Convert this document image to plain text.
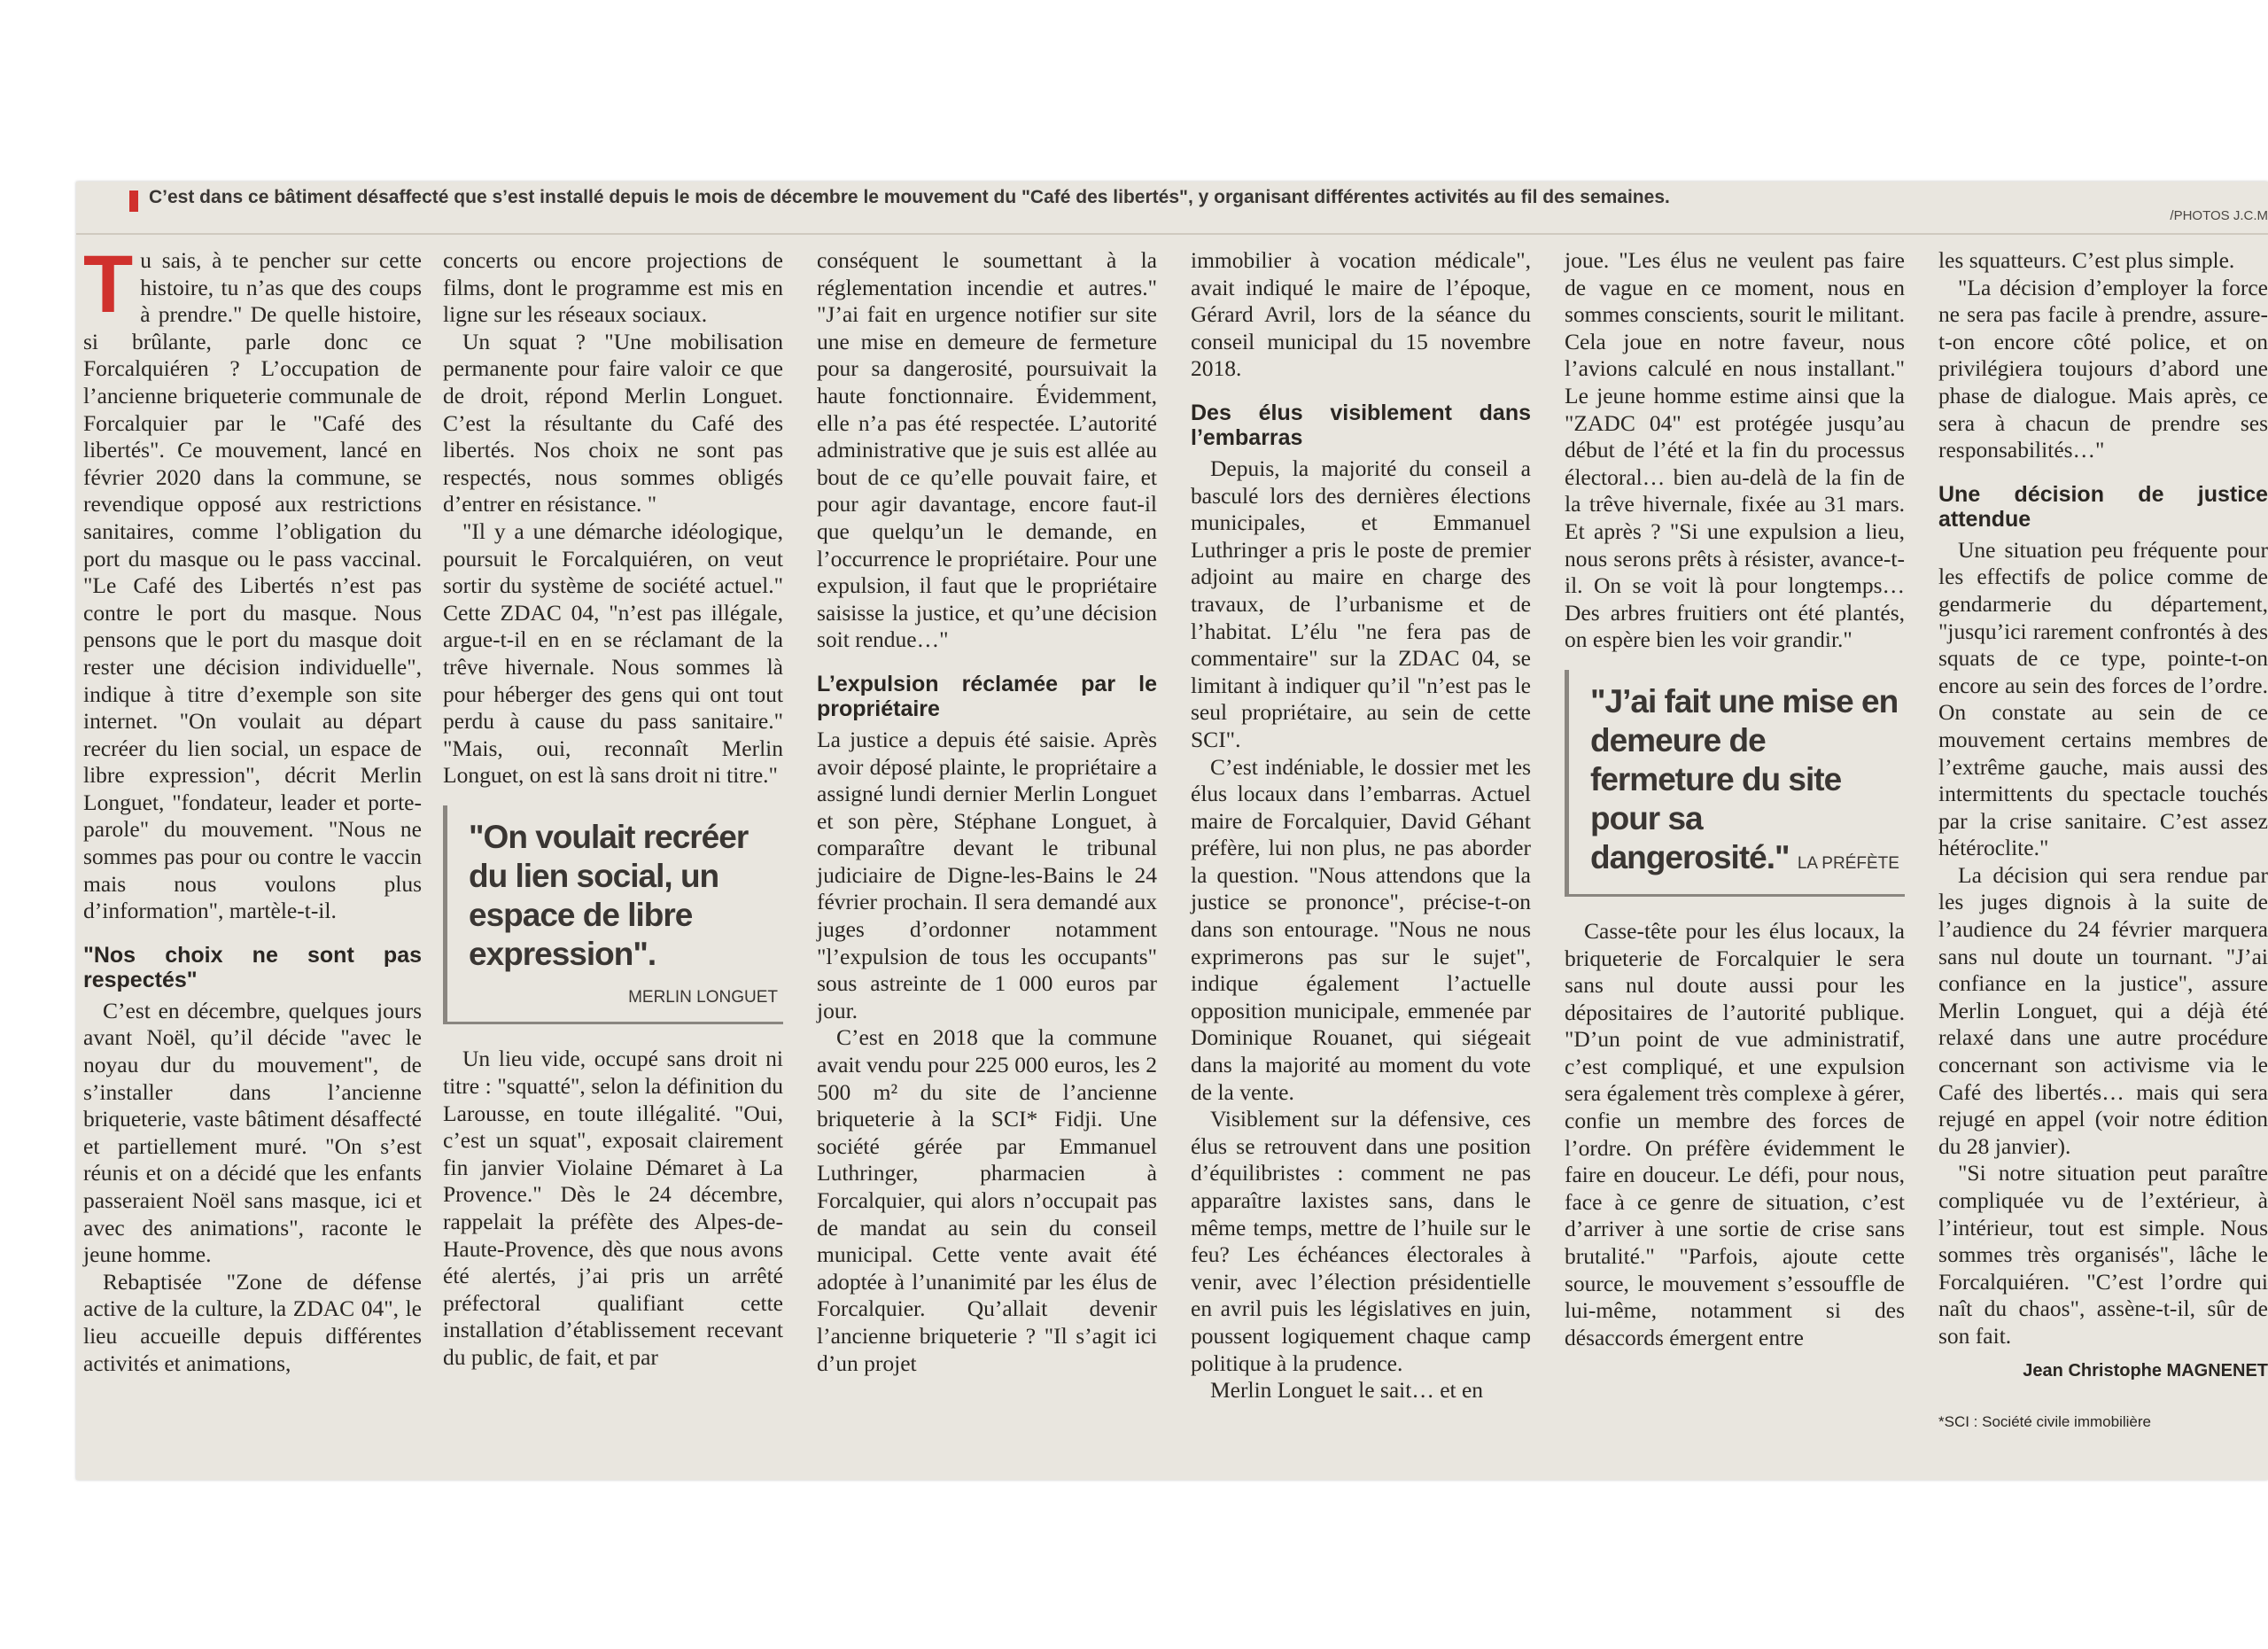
C’est dans ce bâtiment désaffecté que s’est installé depuis le mois de décembre le mouvement du "Café des libertés", y organisant différentes activités au fil des semaines.
/PHOTOS J.C.M

Tu sais, à te pencher sur cette histoire, tu n’as que des coups à prendre." De quelle histoire, si brûlante, parle donc ce Forcalquiéren ? L’occupation de l’ancienne briqueterie communale de Forcalquier par le "Café des libertés". Ce mouvement, lancé en février 2020 dans la commune, se revendique opposé aux restrictions sanitaires, comme l’obligation du port du masque ou le pass vaccinal. "Le Café des Libertés n’est pas contre le port du masque. Nous pensons que le port du masque doit rester une décision individuelle", indique à titre d’exemple son site internet. "On voulait au départ recréer du lien social, un espace de libre expression", décrit Merlin Longuet, "fondateur, leader et porte-parole" du mouvement. "Nous ne sommes pas pour ou contre le vaccin mais nous voulons plus d’information", martèle-t-il.

"Nos choix ne sont pas respectés"

C’est en décembre, quelques jours avant Noël, qu’il décide "avec le noyau dur du mouvement", de s’installer dans l’ancienne briqueterie, vaste bâtiment désaffecté et partiellement muré. "On s’est réunis et on a décidé que les enfants passeraient Noël sans masque, ici et avec des animations", raconte le jeune homme.

Rebaptisée "Zone de défense active de la culture, la ZDAC 04", le lieu accueille depuis différentes activités et animations,

concerts ou encore projections de films, dont le programme est mis en ligne sur les réseaux sociaux.

Un squat ? "Une mobilisation permanente pour faire valoir ce que de droit, répond Merlin Longuet. C’est la résultante du Café des libertés. Nos choix ne sont pas respectés, nous sommes obligés d’entrer en résistance. "

"Il y a une démarche idéologique, poursuit le Forcalquiéren, on veut sortir du système de société actuel." Cette ZDAC 04, "n’est pas illégale, argue-t-il en en se réclamant de la trêve hivernale. Nous sommes là pour héberger des gens qui ont tout perdu à cause du pass sanitaire." "Mais, oui, reconnaît Merlin Longuet, on est là sans droit ni titre."

"On voulait recréer du lien social, un espace de libre expression".
MERLIN LONGUET

Un lieu vide, occupé sans droit ni titre : "squatté", selon la définition du Larousse, en toute illégalité. "Oui, c’est un squat", exposait clairement fin janvier Violaine Démaret à La Provence." Dès le 24 décembre, rappelait la préfète des Alpes-de-Haute-Provence, dès que nous avons été alertés, j’ai pris un arrêté préfectoral qualifiant cette installation d’établissement recevant du public, de fait, et par

conséquent le soumettant à la réglementation incendie et autres." "J’ai fait en urgence notifier sur site une mise en demeure de fermeture pour sa dangerosité, poursuivait la haute fonctionnaire. Évidemment, elle n’a pas été respectée. L’autorité administrative que je suis est allée au bout de ce qu’elle pouvait faire, et pour agir davantage, encore faut-il que quelqu’un le demande, en l’occurrence le propriétaire. Pour une expulsion, il faut que le propriétaire saisisse la justice, et qu’une décision soit rendue…"

L’expulsion réclamée par le propriétaire

La justice a depuis été saisie. Après avoir déposé plainte, le propriétaire a assigné lundi dernier Merlin Longuet et son père, Stéphane Longuet, à comparaître devant le tribunal judiciaire de Digne-les-Bains le 24 février prochain. Il sera demandé aux juges d’ordonner notamment "l’expulsion de tous les occupants" sous astreinte de 1 000 euros par jour.

C’est en 2018 que la commune avait vendu pour 225 000 euros, les 2 500 m² du site de l’ancienne briqueterie à la SCI* Fidji. Une société gérée par Emmanuel Luthringer, pharmacien à Forcalquier, qui alors n’occupait pas de mandat au sein du conseil municipal. Cette vente avait été adoptée à l’unanimité par les élus de Forcalquier. Qu’allait devenir l’ancienne briqueterie ? "Il s’agit ici d’un projet

immobilier à vocation médicale", avait indiqué le maire de l’époque, Gérard Avril, lors de la séance du conseil municipal du 15 novembre 2018.

Des élus visiblement dans l’embarras

Depuis, la majorité du conseil a basculé lors des dernières élections municipales, et Emmanuel Luthringer a pris le poste de premier adjoint au maire en charge des travaux, de l’urbanisme et de l’habitat. L’élu "ne fera pas de commentaire" sur la ZDAC 04, se limitant à indiquer qu’il "n’est pas le seul propriétaire, au sein de cette SCI".

C’est indéniable, le dossier met les élus locaux dans l’embarras. Actuel maire de Forcalquier, David Géhant préfère, lui non plus, ne pas aborder la question. "Nous attendons que la justice se prononce", précise-t-on dans son entourage. "Nous ne nous exprimerons pas sur le sujet", indique également l’actuelle opposition municipale, emmenée par Dominique Rouanet, qui siégeait dans la majorité au moment du vote de la vente.

Visiblement sur la défensive, ces élus se retrouvent dans une position d’équilibristes : comment ne pas apparaître laxistes sans, dans le même temps, mettre de l’huile sur le feu? Les échéances électorales à venir, avec l’élection présidentielle en avril puis les législatives en juin, poussent logiquement chaque camp politique à la prudence.

Merlin Longuet le sait… et en

joue. "Les élus ne veulent pas faire de vague en ce moment, nous en sommes conscients, sourit le militant. Cela joue en notre faveur, nous l’avions calculé en nous installant." Le jeune homme estime ainsi que la "ZADC 04" est protégée jusqu’au début de l’été et la fin du processus électoral… bien au-delà de la fin de la trêve hivernale, fixée au 31 mars. Et après ? "Si une expulsion a lieu, nous serons prêts à résister, avance-t-il. On se voit là pour longtemps… Des arbres fruitiers ont été plantés, on espère bien les voir grandir."

"J’ai fait une mise en demeure de fermeture du site pour sa dangerosité." LA PRÉFÈTE

Casse-tête pour les élus locaux, la briqueterie de Forcalquier le sera sans nul doute aussi pour les dépositaires de l’autorité publique. "D’un point de vue administratif, c’est compliqué, et une expulsion sera également très complexe à gérer, confie un membre des forces de l’ordre. On préfère évidemment le faire en douceur. Le défi, pour nous, face à ce genre de situation, c’est d’arriver à une sortie de crise sans brutalité." "Parfois, ajoute cette source, le mouvement s’essouffle de lui-même, notamment si des désaccords émergent entre

les squatteurs. C’est plus simple.

"La décision d’employer la force ne sera pas facile à prendre, assure-t-on encore côté police, et on privilégiera toujours d’abord une phase de dialogue. Mais après, ce sera à chacun de prendre ses responsabilités…"

Une décision de justice attendue

Une situation peu fréquente pour les effectifs de police comme de gendarmerie du département, "jusqu’ici rarement confrontés à des squats de ce type, pointe-t-on encore au sein des forces de l’ordre. On constate au sein de ce mouvement certains membres de l’extrême gauche, mais aussi des intermittents du spectacle touchés par la crise sanitaire. C’est assez hétéroclite."

La décision qui sera rendue par les juges dignois à la suite de l’audience du 24 février marquera sans nul doute un tournant. "J’ai confiance en la justice", assure Merlin Longuet, qui a déjà été relaxé dans une autre procédure concernant son activisme via le Café des libertés… mais qui sera rejugé en appel (voir notre édition du 28 janvier).

"Si notre situation peut paraître compliquée vu de l’extérieur, à l’intérieur, tout est simple. Nous sommes très organisés", lâche le Forcalquiéren. "C’est l’ordre qui naît du chaos", assène-t-il, sûr de son fait.

Jean Christophe MAGNENET
*SCI : Société civile immobilière
